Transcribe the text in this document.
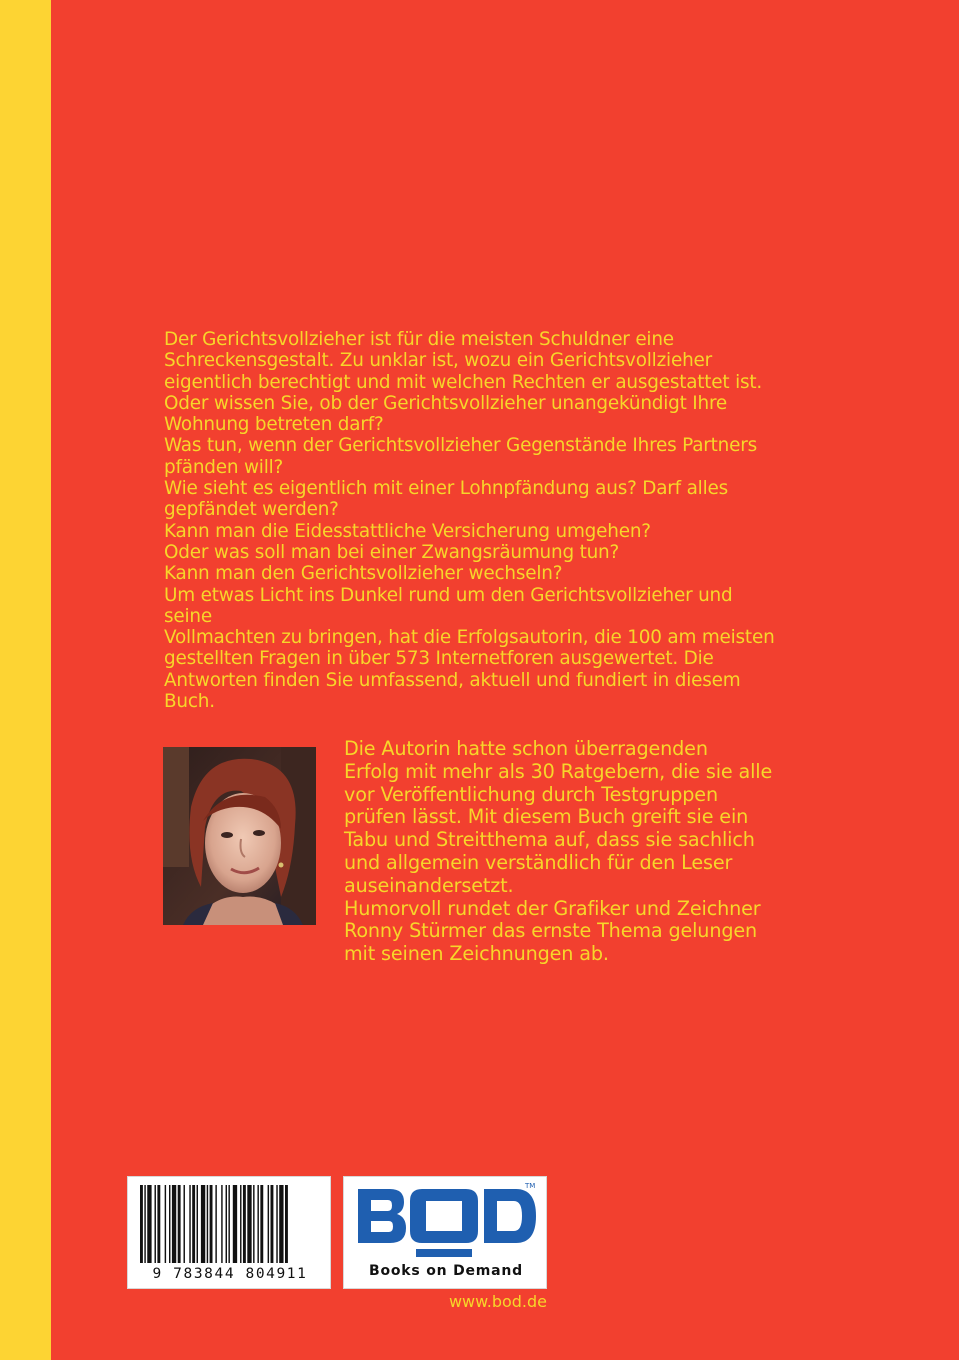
Der Gerichtsvollzieher ist für die meisten Schuldner eine

Schreckensgestalt. Zu unklar ist, wozu ein Gerichtsvollzieher

eigentlich berechtigt und mit welchen Rechten er ausgestattet ist.

Oder wissen Sie, ob der Gerichtsvollzieher unangekündigt Ihre

Wohnung betreten darf?

Was tun, wenn der Gerichtsvollzieher Gegenstände Ihres Partners

pfänden will?

Wie sieht es eigentlich mit einer Lohnpfändung aus? Darf alles

gepfändet werden?

Kann man die Eidesstattliche Versicherung umgehen?

Oder was soll man bei einer Zwangsräumung tun?

Kann man den Gerichtsvollzieher wechseln?

Um etwas Licht ins Dunkel rund um den Gerichtsvollzieher und

seine

Vollmachten zu bringen, hat die Erfolgsautorin, die 100 am meisten

gestellten Fragen in über 573 Internetforen ausgewertet. Die

Antworten finden Sie umfassend, aktuell und fundiert in diesem

Buch.

Die Autorin hatte schon überragenden

Erfolg mit mehr als 30 Ratgebern, die sie alle

vor Veröffentlichung durch Testgruppen

prüfen lässt. Mit diesem Buch greift sie ein

Tabu und Streitthema auf, dass sie sachlich

und allgemein verständlich für den Leser

auseinandersetzt.

Humorvoll rundet der Grafiker und Zeichner

Ronny Stürmer das ernste Thema gelungen

mit seinen Zeichnungen ab.

9 783844 804911
TM
Books on Demand
www.bod.de
